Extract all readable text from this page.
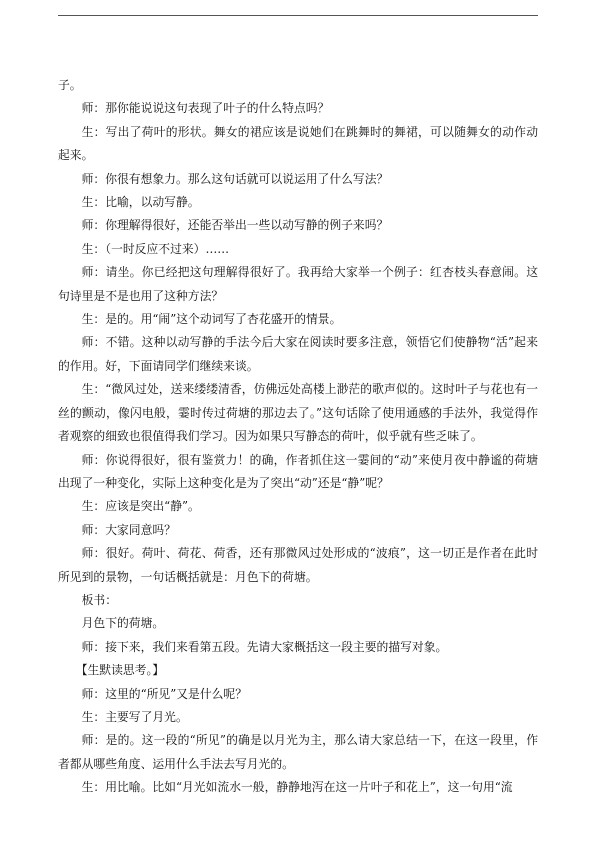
子。

师：那你能说说这句表现了叶子的什么特点吗？

生：写出了荷叶的形状。舞女的裙应该是说她们在跳舞时的舞裙，可以随舞女的动作动起来。

师：你很有想象力。那么这句话就可以说运用了什么写法？

生：比喻，以动写静。

师：你理解得很好，还能否举出一些以动写静的例子来吗？

生：（一时反应不过来）……

师：请坐。你已经把这句理解得很好了。我再给大家举一个例子：红杏枝头春意闹。这句诗里是不是也用了这种方法？

生：是的。用“闹”这个动词写了杏花盛开的情景。

师：不错。这种以动写静的手法今后大家在阅读时要多注意，领悟它们使静物“活”起来的作用。好，下面请同学们继续来谈。

生：“微风过处，送来缕缕清香，仿佛远处高楼上渺茫的歌声似的。这时叶子与花也有一丝的颤动，像闪电般，霎时传过荷塘的那边去了。”这句话除了使用通感的手法外，我觉得作者观察的细致也很值得我们学习。因为如果只写静态的荷叶，似乎就有些乏味了。

师：你说得很好，很有鉴赏力！的确，作者抓住这一霎间的“动”来使月夜中静谧的荷塘出现了一种变化，实际上这种变化是为了突出“动”还是“静”呢？

生：应该是突出“静”。

师：大家同意吗？

师：很好。荷叶、荷花、荷香，还有那微风过处形成的“波痕”，这一切正是作者在此时所见到的景物，一句话概括就是：月色下的荷塘。

板书：

月色下的荷塘。

师：接下来，我们来看第五段。先请大家概括这一段主要的描写对象。

【生默读思考。】

师：这里的“所见”又是什么呢？

生：主要写了月光。

师：是的。这一段的“所见”的确是以月光为主，那么请大家总结一下，在这一段里，作者都从哪些角度、运用什么手法去写月光的。

生：用比喻。比如“月光如流水一般，静静地泻在这一片叶子和花上”，这一句用“流
